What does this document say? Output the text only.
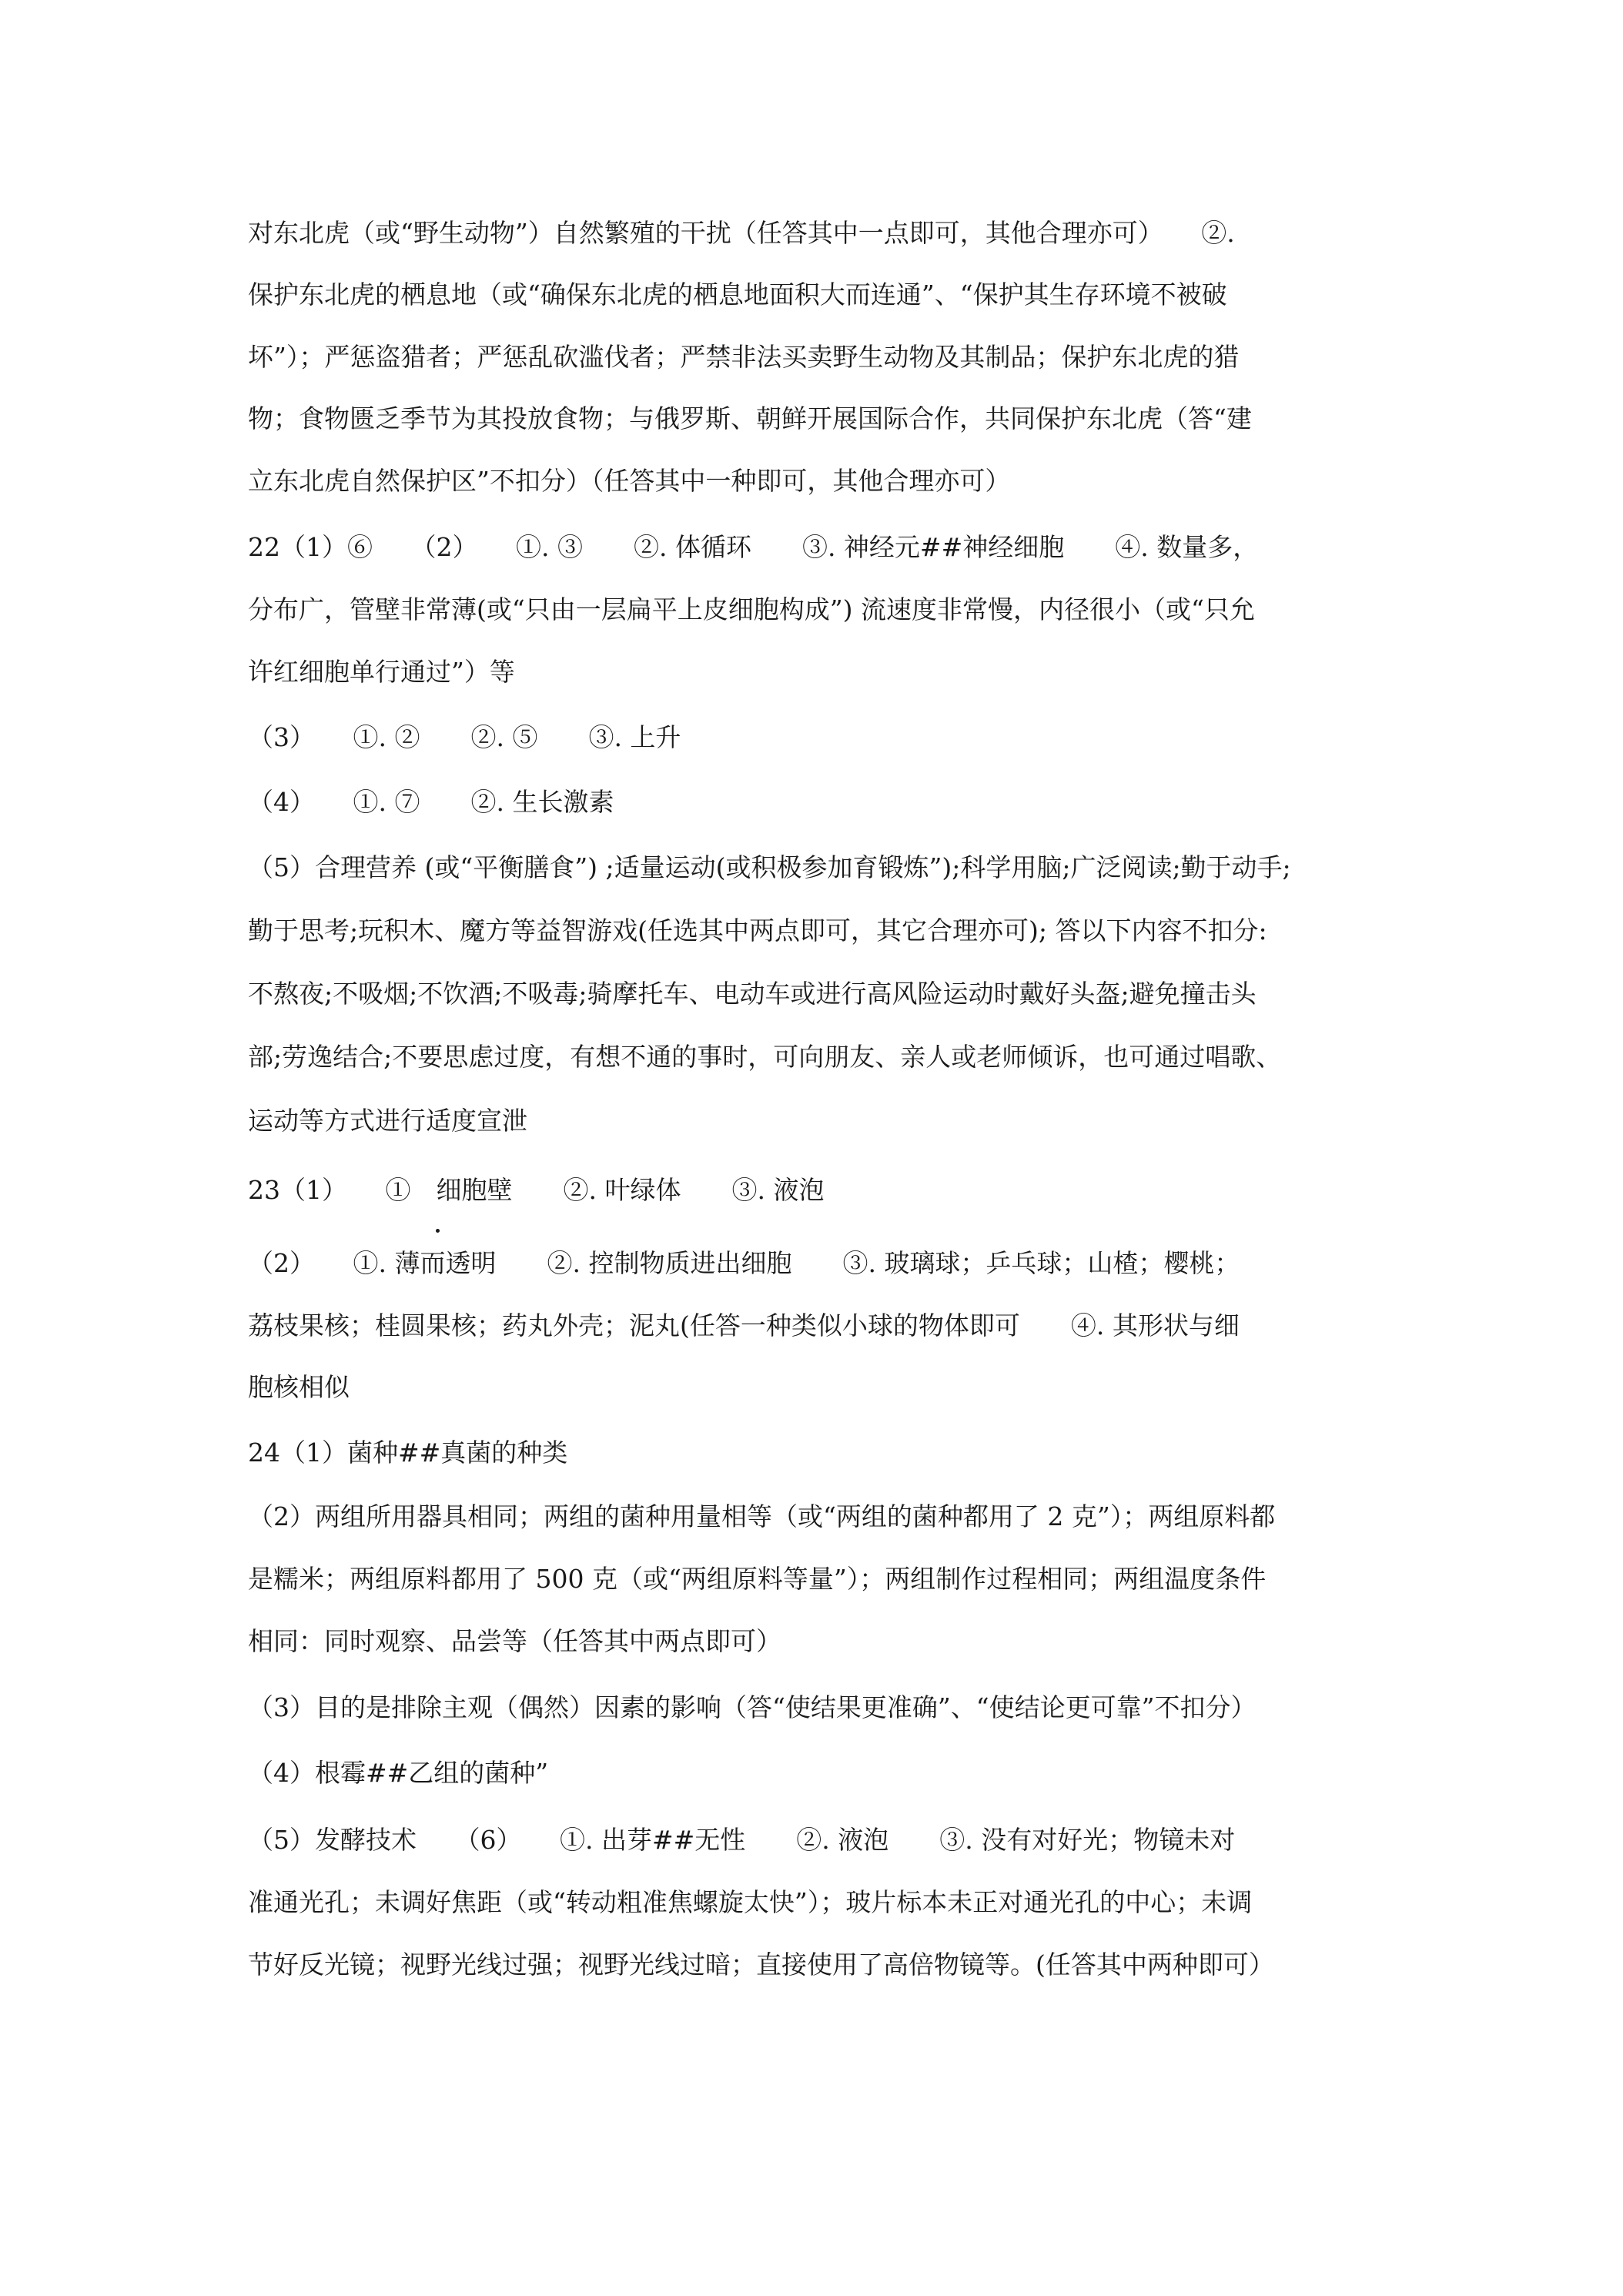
对东北虎（或“野生动物”）自然繁殖的干扰（任答其中一点即可，其他合理亦可）　　②.
保护东北虎的栖息地（或“确保东北虎的栖息地面积大而连通”、“保护其生存环境不被破
坏”）；严惩盗猎者；严惩乱砍滥伐者；严禁非法买卖野生动物及其制品；保护东北虎的猎
物；食物匮乏季节为其投放食物；与俄罗斯、朝鲜开展国际合作，共同保护东北虎（答“建
立东北虎自然保护区”不扣分）（任答其中一种即可，其他合理亦可）
22（1）⑥　　（2）　　①. ③　　②. 体循环　　③. 神经元##神经细胞　　④. 数量多，
分布广，管壁非常薄(或“只由一层扁平上皮细胞构成”) 流速度非常慢，内径很小（或“只允
许红细胞单行通过”）等
（3）　　①. ②　　②. ⑤　　③. 上升
（4）　　①. ⑦　　②. 生长激素
（5）合理营养 (或“平衡膳食”) ;适量运动(或积极参加育锻炼”);科学用脑;广泛阅读;勤于动手;
勤于思考;玩积木、魔方等益智游戏(任选其中两点即可，其它合理亦可); 答以下内容不扣分:
不熬夜;不吸烟;不饮酒;不吸毒;骑摩托车、电动车或进行高风险运动时戴好头盔;避免撞击头
部;劳逸结合;不要思虑过度，有想不通的事时，可向朋友、亲人或老师倾诉，也可通过唱歌、
运动等方式进行适度宣泄
23（1）　　①　细胞壁　　②. 叶绿体　　③. 液泡
（2）　　①. 薄而透明　　②. 控制物质进出细胞　　③. 玻璃球；乒乓球；山楂；樱桃；
荔枝果核；桂圆果核；药丸外壳；泥丸(任答一种类似小球的物体即可　　④. 其形状与细
胞核相似
24（1）菌种##真菌的种类
（2）两组所用器具相同；两组的菌种用量相等（或“两组的菌种都用了 2 克”）；两组原料都
是糯米；两组原料都用了 500 克（或“两组原料等量”）；两组制作过程相同；两组温度条件
相同：同时观察、品尝等（任答其中两点即可）
（3）目的是排除主观（偶然）因素的影响（答“使结果更准确”、“使结论更可靠”不扣分）
（4）根霉##乙组的菌种”
（5）发酵技术　　（6）　　①. 出芽##无性　　②. 液泡　　③. 没有对好光；物镜未对
准通光孔；未调好焦距（或“转动粗准焦螺旋太快”）；玻片标本未正对通光孔的中心；未调
节好反光镜；视野光线过强；视野光线过暗；直接使用了高倍物镜等。(任答其中两种即可）
